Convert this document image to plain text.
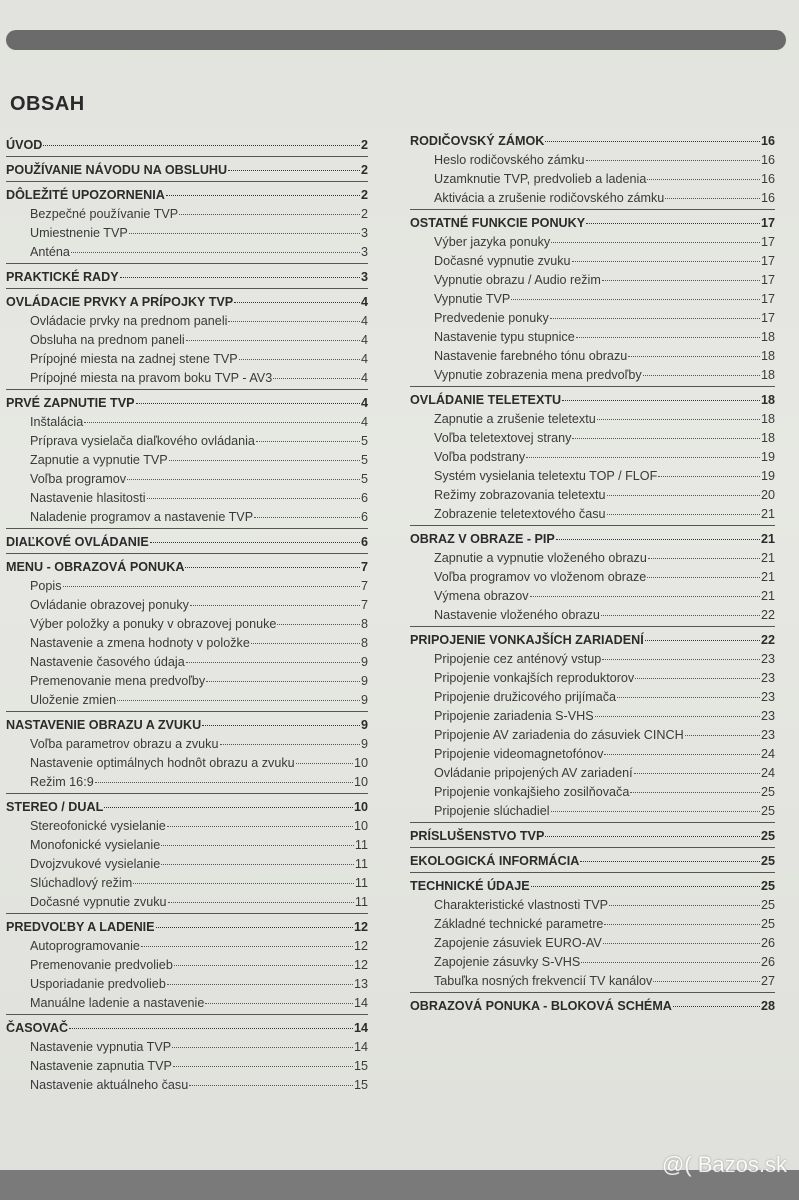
OBSAH
ÚVOD	2
POUŽÍVANIE NÁVODU NA OBSLUHU	2
DÔLEŽITÉ UPOZORNENIA	2
Bezpečné používanie TVP	2
Umiestnenie TVP	3
Anténa	3
PRAKTICKÉ RADY	3
OVLÁDACIE PRVKY A PRÍPOJKY TVP	4
Ovládacie prvky na prednom paneli	4
Obsluha na prednom paneli	4
Prípojné miesta na zadnej stene TVP	4
Prípojné miesta na pravom boku TVP - AV3	4
PRVÉ ZAPNUTIE TVP	4
Inštalácia	4
Príprava vysielača diaľkového ovládania	5
Zapnutie a vypnutie TVP	5
Voľba programov	5
Nastavenie hlasitosti	6
Naladenie programov a nastavenie TVP	6
DIAĽKOVÉ OVLÁDANIE	6
MENU - OBRAZOVÁ PONUKA	7
Popis	7
Ovládanie obrazovej ponuky	7
Výber položky a ponuky v obrazovej ponuke	8
Nastavenie a zmena hodnoty v položke	8
Nastavenie časového údaja	9
Premenovanie mena predvoľby	9
Uloženie zmien	9
NASTAVENIE OBRAZU A ZVUKU	9
Voľba parametrov obrazu a zvuku	9
Nastavenie optimálnych hodnôt obrazu a zvuku	10
Režim 16:9	10
STEREO / DUAL	10
Stereofonické vysielanie	10
Monofonické vysielanie	11
Dvojzvukové vysielanie	11
Slúchadlový režim	11
Dočasné vypnutie zvuku	11
PREDVOĽBY A LADENIE	12
Autoprogramovanie	12
Premenovanie predvolieb	12
Usporiadanie predvolieb	13
Manuálne ladenie a nastavenie	14
ČASOVAČ	14
Nastavenie vypnutia TVP	14
Nastavenie zapnutia TVP	15
Nastavenie aktuálneho času	15
RODIČOVSKÝ ZÁMOK	16
Heslo rodičovského zámku	16
Uzamknutie TVP, predvolieb a ladenia	16
Aktivácia a zrušenie rodičovského zámku	16
OSTATNÉ FUNKCIE PONUKY	17
Výber jazyka ponuky	17
Dočasné vypnutie zvuku	17
Vypnutie obrazu / Audio režim	17
Vypnutie TVP	17
Predvedenie ponuky	17
Nastavenie typu stupnice	18
Nastavenie farebného tónu obrazu	18
Vypnutie zobrazenia mena predvoľby	18
OVLÁDANIE TELETEXTU	18
Zapnutie a zrušenie teletextu	18
Voľba teletextovej strany	18
Voľba podstrany	19
Systém vysielania teletextu TOP / FLOF	19
Režimy zobrazovania teletextu	20
Zobrazenie teletextového času	21
OBRAZ V OBRAZE - PIP	21
Zapnutie a vypnutie vloženého obrazu	21
Voľba programov vo vloženom obraze	21
Výmena obrazov	21
Nastavenie vloženého obrazu	22
PRIPOJENIE VONKAJŠÍCH ZARIADENÍ	22
Pripojenie cez anténový vstup	23
Pripojenie vonkajších reproduktorov	23
Pripojenie družicového prijímača	23
Pripojenie zariadenia S-VHS	23
Pripojenie AV zariadenia do zásuviek CINCH	23
Pripojenie videomagnetofónov	24
Ovládanie pripojených AV zariadení	24
Pripojenie vonkajšieho zosilňovača	25
Pripojenie slúchadiel	25
PRÍSLUŠENSTVO TVP	25
EKOLOGICKÁ INFORMÁCIA	25
TECHNICKÉ ÚDAJE	25
Charakteristické vlastnosti TVP	25
Základné technické parametre	25
Zapojenie zásuviek EURO-AV	26
Zapojenie zásuvky S-VHS	26
Tabuľka nosných frekvencií TV kanálov	27
OBRAZOVÁ PONUKA - BLOKOVÁ SCHÉMA	28
@( Bazos.sk
